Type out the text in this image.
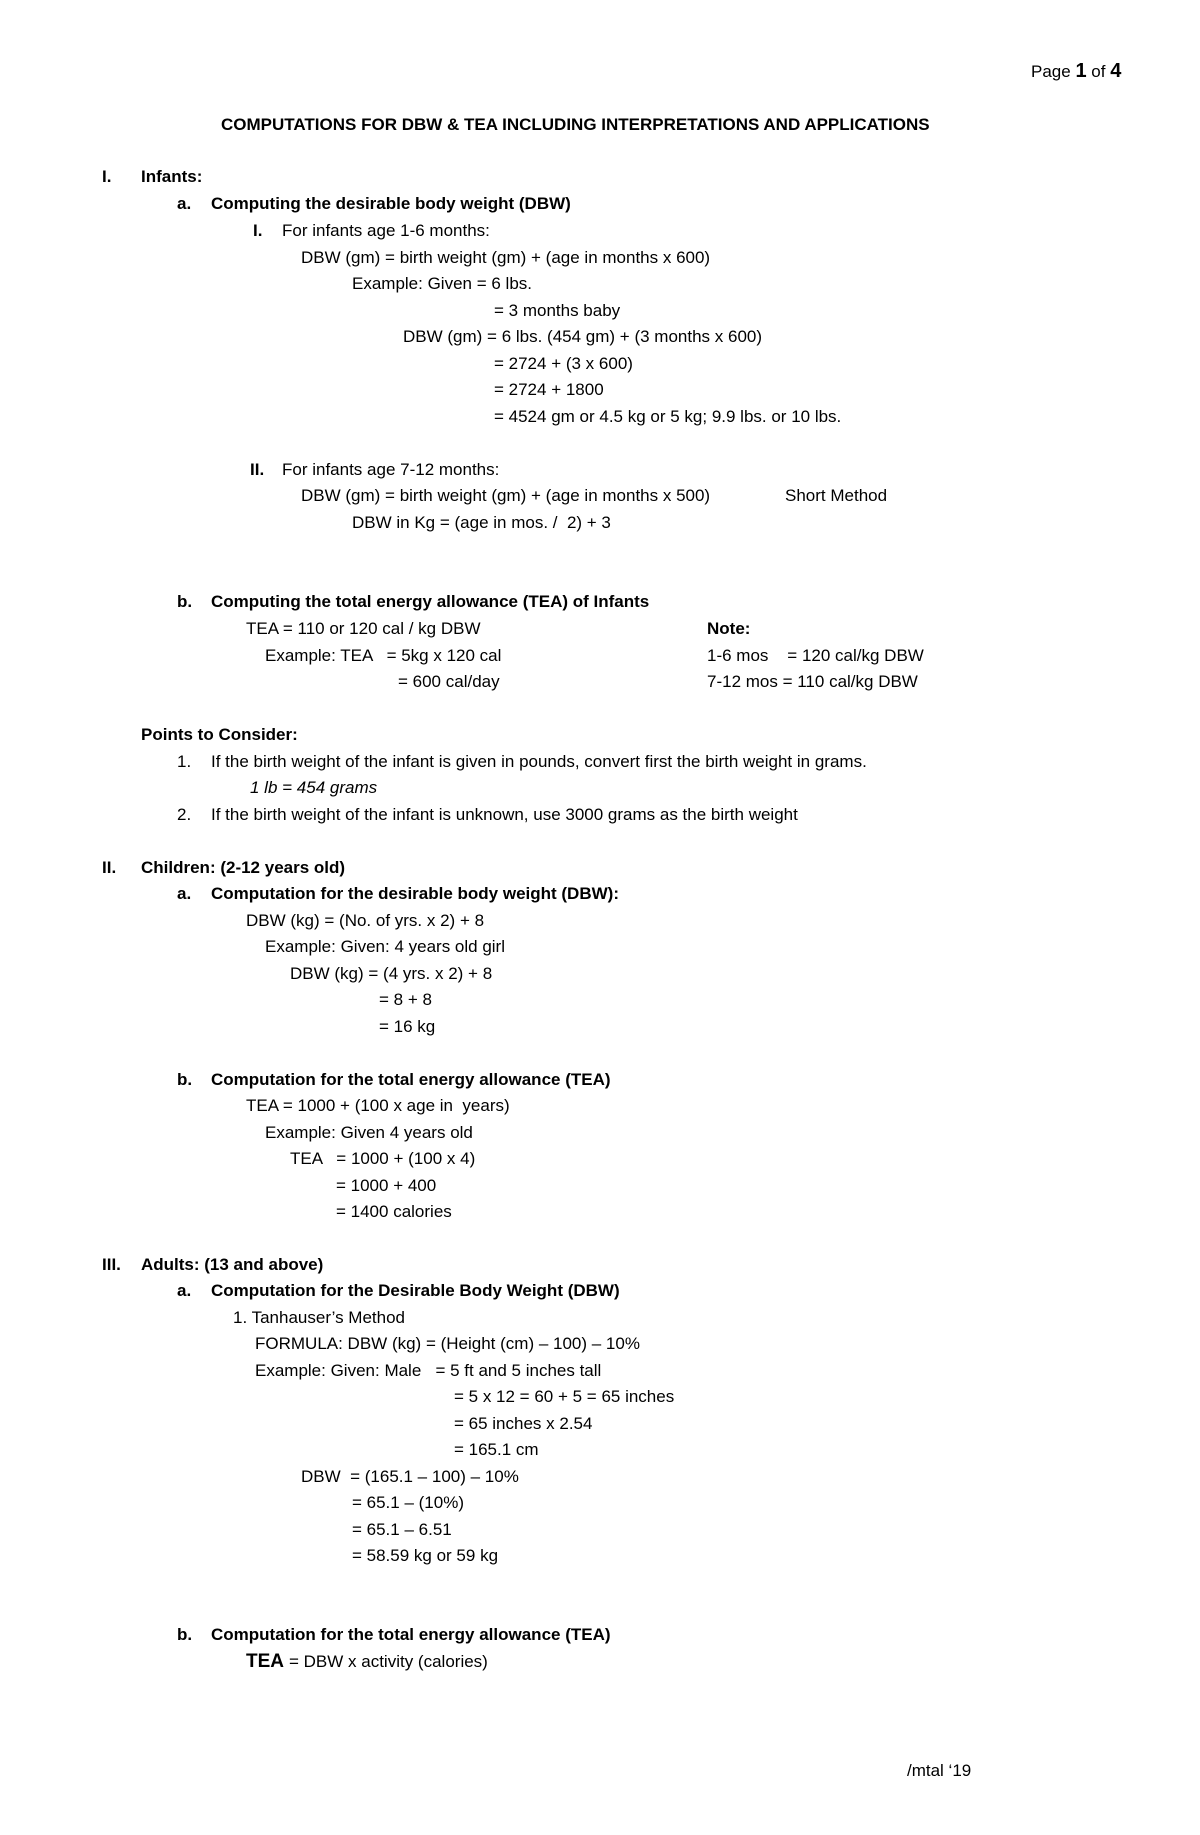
Page 1 of 4
COMPUTATIONS FOR DBW & TEA INCLUDING INTERPRETATIONS AND APPLICATIONS
I. Infants:
a. Computing the desirable body weight (DBW)
I. For infants age 1-6 months:
DBW (gm) = birth weight (gm) + (age in months x 600)
Example: Given = 6 lbs.
= 3 months baby
DBW (gm) = 6 lbs. (454 gm) + (3 months x 600)
= 2724 + (3 x 600)
= 2724 + 1800
= 4524 gm or 4.5 kg or 5 kg; 9.9 lbs. or 10 lbs.
II. For infants age 7-12 months:
DBW (gm) = birth weight (gm) + (age in months x 500)	Short Method
DBW in Kg = (age in mos. /  2) + 3
b. Computing the total energy allowance (TEA) of Infants
TEA = 110 or 120 cal / kg DBW
Example: TEA   = 5kg x 120 cal
= 600 cal/day
Note:
1-6 mos    = 120 cal/kg DBW
7-12 mos = 110 cal/kg DBW
Points to Consider:
1. If the birth weight of the infant is given in pounds, convert first the birth weight in grams.
1 lb = 454 grams
2. If the birth weight of the infant is unknown, use 3000 grams as the birth weight
II. Children: (2-12 years old)
a. Computation for the desirable body weight (DBW):
DBW (kg) = (No. of yrs. x 2) + 8
Example: Given: 4 years old girl
DBW (kg) = (4 yrs. x 2) + 8
= 8 + 8
= 16 kg
b. Computation for the total energy allowance (TEA)
TEA = 1000 + (100 x age in  years)
Example: Given 4 years old
TEA   = 1000 + (100 x 4)
= 1000 + 400
= 1400 calories
III. Adults: (13 and above)
a. Computation for the Desirable Body Weight (DBW)
1. Tanhauser’s Method
FORMULA: DBW (kg) = (Height (cm) – 100) – 10%
Example: Given: Male   = 5 ft and 5 inches tall
= 5 x 12 = 60 + 5 = 65 inches
= 65 inches x 2.54
= 165.1 cm
DBW  = (165.1 – 100) – 10%
= 65.1 – (10%)
= 65.1 – 6.51
= 58.59 kg or 59 kg
b. Computation for the total energy allowance (TEA)
TEA = DBW x activity (calories)
/mtal ‘19
